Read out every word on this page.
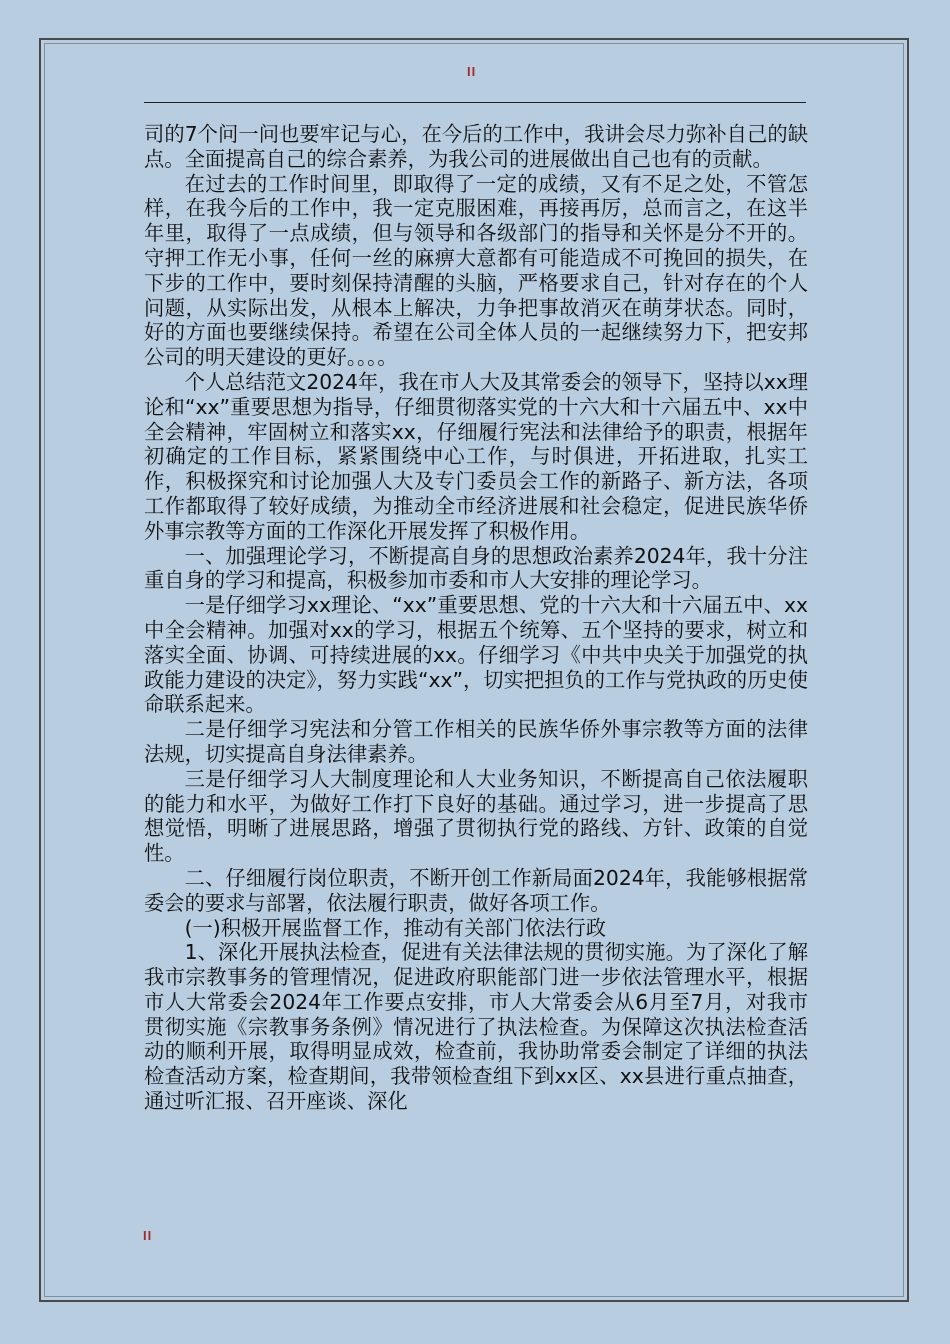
II

司的7个问一问也要牢记与心，在今后的工作中，我讲会尽力弥补自己的缺点。全面提高自己的综合素养，为我公司的进展做出自己也有的贡献。

在过去的工作时间里，即取得了一定的成绩，又有不足之处，不管怎样，在我今后的工作中，我一定克服困难，再接再厉，总而言之，在这半年里，取得了一点成绩，但与领导和各级部门的指导和关怀是分不开的。守押工作无小事，任何一丝的麻痹大意都有可能造成不可挽回的损失，在下步的工作中，要时刻保持清醒的头脑，严格要求自己，针对存在的个人问题，从实际出发，从根本上解决，力争把事故消灭在萌芽状态。同时，好的方面也要继续保持。希望在公司全体人员的一起继续努力下，把安邦公司的明天建设的更好。。。。

个人总结范文2024年，我在市人大及其常委会的领导下，坚持以xx理论和“xx”重要思想为指导，仔细贯彻落实党的十六大和十六届五中、xx中全会精神，牢固树立和落实xx，仔细履行宪法和法律给予的职责，根据年初确定的工作目标，紧紧围绕中心工作，与时俱进，开拓进取，扎实工作，积极探究和讨论加强人大及专门委员会工作的新路子、新方法，各项工作都取得了较好成绩，为推动全市经济进展和社会稳定，促进民族华侨外事宗教等方面的工作深化开展发挥了积极作用。

一、加强理论学习，不断提高自身的思想政治素养2024年，我十分注重自身的学习和提高，积极参加市委和市人大安排的理论学习。

一是仔细学习xx理论、“xx”重要思想、党的十六大和十六届五中、xx中全会精神。加强对xx的学习，根据五个统筹、五个坚持的要求，树立和落实全面、协调、可持续进展的xx。仔细学习《中共中央关于加强党的执政能力建设的决定》，努力实践“xx”，切实把担负的工作与党执政的历史使命联系起来。

二是仔细学习宪法和分管工作相关的民族华侨外事宗教等方面的法律法规，切实提高自身法律素养。

三是仔细学习人大制度理论和人大业务知识，不断提高自己依法履职的能力和水平，为做好工作打下良好的基础。通过学习，进一步提高了思想觉悟，明晰了进展思路，增强了贯彻执行党的路线、方针、政策的自觉性。

二、仔细履行岗位职责，不断开创工作新局面2024年，我能够根据常委会的要求与部署，依法履行职责，做好各项工作。

(一)积极开展监督工作，推动有关部门依法行政

1、深化开展执法检查，促进有关法律法规的贯彻实施。为了深化了解我市宗教事务的管理情况，促进政府职能部门进一步依法管理水平，根据市人大常委会2024年工作要点安排，市人大常委会从6月至7月，对我市贯彻实施《宗教事务条例》情况进行了执法检查。为保障这次执法检查活动的顺利开展，取得明显成效，检查前，我协助常委会制定了详细的执法检查活动方案，检查期间，我带领检查组下到xx区、xx县进行重点抽查，通过听汇报、召开座谈、深化

II
